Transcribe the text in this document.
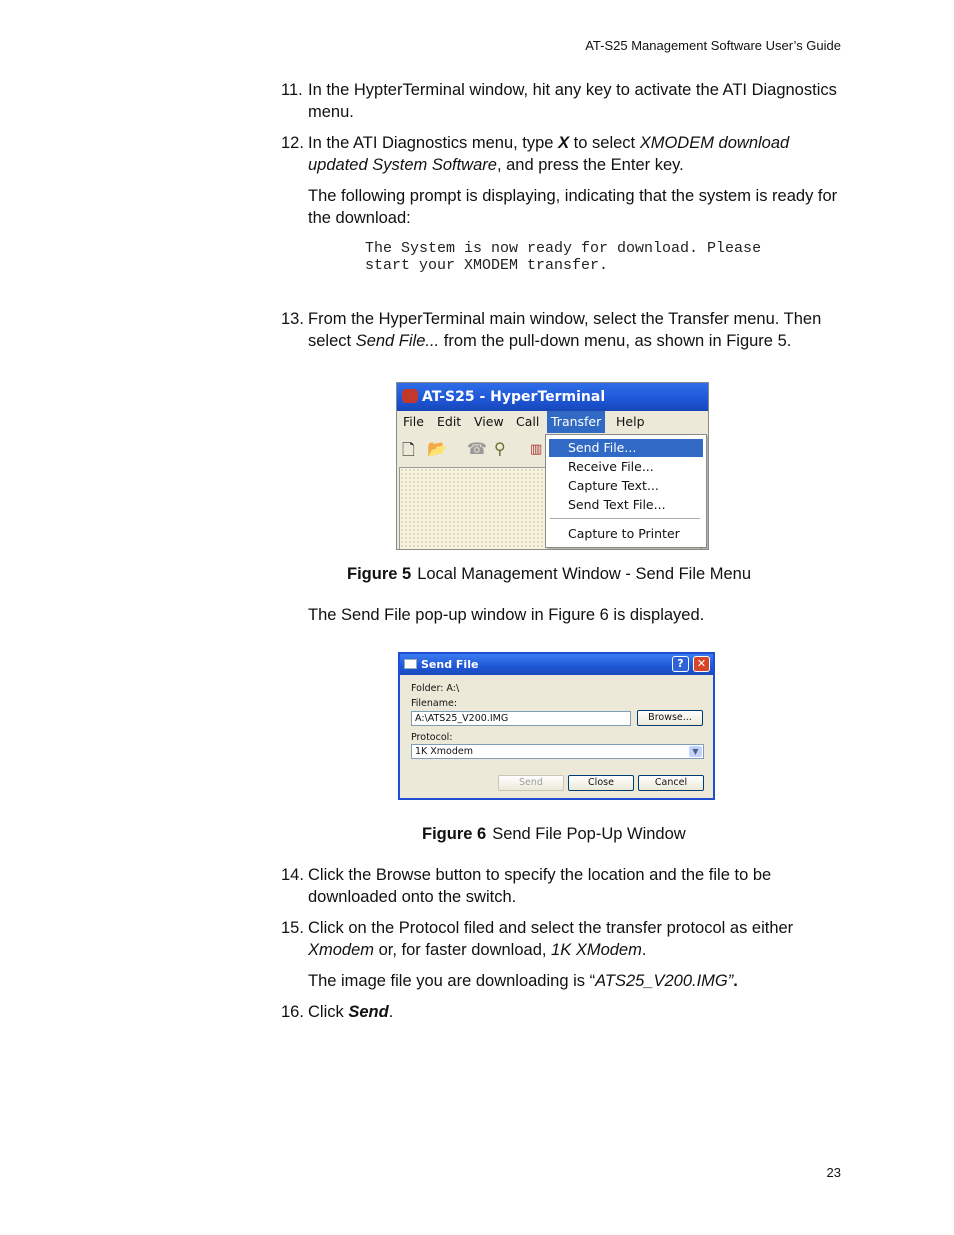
AT-S25 Management Software User’s Guide
11. In the HypterTerminal window, hit any key to activate the ATI Diagnostics menu.
12. In the ATI Diagnostics menu, type X to select XMODEM download updated System Software, and press the Enter key.
The following prompt is displaying, indicating that the system is ready for the download:
The System is now ready for download. Please
start your XMODEM transfer.
13. From the HyperTerminal main window, select the Transfer menu. Then select Send File... from the pull-down menu, as shown in Figure 5.
AT-S25 - HyperTerminal
File	Edit	View Call Transfer	Help
🗋 📂 ☎ ⚲ ▥	Send File...
Receive File...
Capture Text...
Send Text File...
Capture to Printer
Figure 5 Local Management Window - Send File Menu
The Send File pop-up window in Figure 6 is displayed.
Send File	?	✕
Folder: A:\
Filename:
A:\ATS25_V200.IMG	Browse...
Protocol:
1K Xmodem	▼
Send	Close	Cancel
Figure 6 Send File Pop-Up Window
14. Click the Browse button to specify the location and the file to be downloaded onto the switch.
15. Click on the Protocol filed and select the transfer protocol as either Xmodem or, for faster download, 1K XModem.
The image file you are downloading is “ATS25_V200.IMG”.
16. Click Send.
23
